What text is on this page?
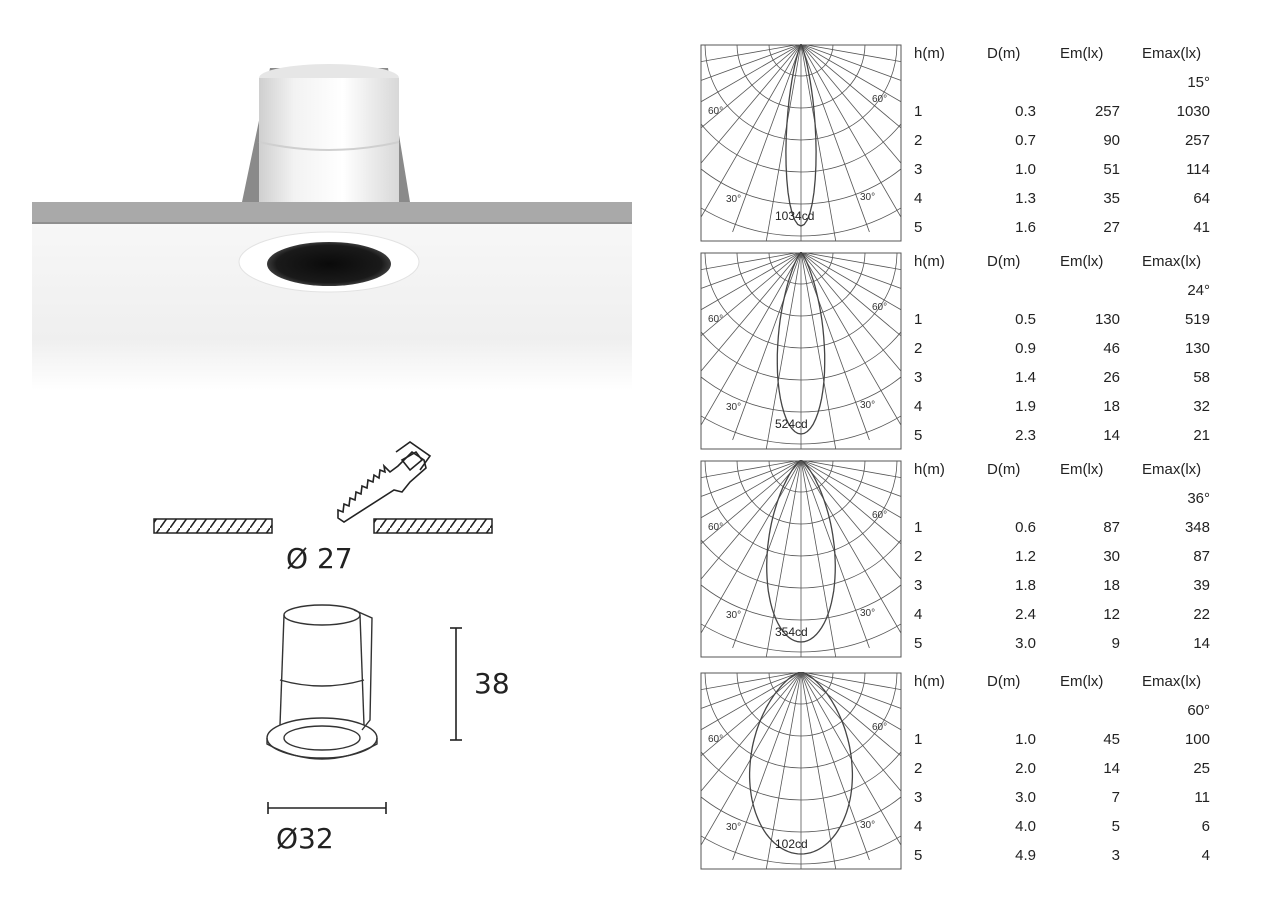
Ø 27
38
Ø32
60°
60°
30°	30°
1034cd
h(m)	D(m)	Em(lx)	Emax(lx)
15°
1	0.3	257	1030
2	0.7	90	257
3	1.0	51	114
4	1.3	35	64
5	1.6	27	41
60°
60°
30°	30°
524cd
h(m)	D(m)	Em(lx)	Emax(lx)
24°
1	0.5	130	519
2	0.9	46	130
3	1.4	26	58
4	1.9	18	32
5	2.3	14	21
60°
60°
30°	30°
354cd
h(m)	D(m)	Em(lx)	Emax(lx)
36°
1	0.6	87	348
2	1.2	30	87
3	1.8	18	39
4	2.4	12	22
5	3.0	9	14
60°
60°
30°	30°
102cd
h(m)	D(m)	Em(lx)	Emax(lx)
60°
1	1.0	45	100
2	2.0	14	25
3	3.0	7	11
4	4.0	5	6
5	4.9	3	4
